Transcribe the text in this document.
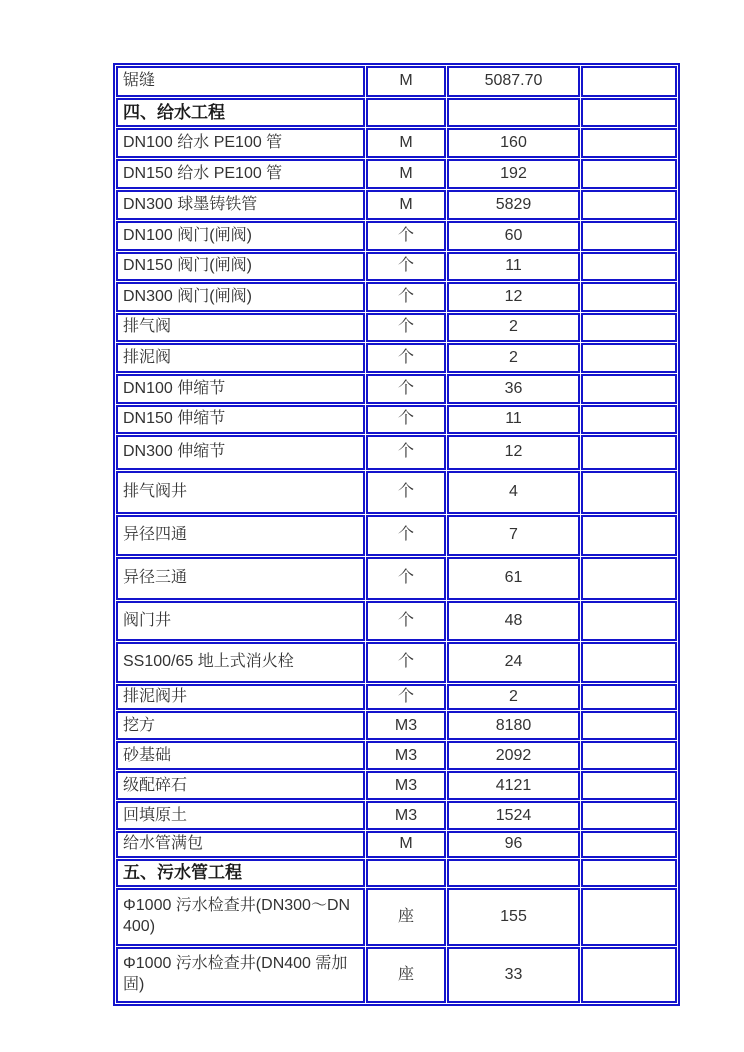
锯缝	M	5087.70	
四、给水工程			
DN100 给水 PE100 管	M	160	
DN150 给水 PE100 管	M	192	
DN300 球墨铸铁管	M	5829	
DN100 阀门(闸阀)	个	60	
DN150 阀门(闸阀)	个	11	
DN300 阀门(闸阀)	个	12	
排气阀	个	2	
排泥阀	个	2	
DN100 伸缩节	个	36	
DN150 伸缩节	个	11	
DN300 伸缩节	个	12	
排气阀井	个	4	
异径四通	个	7	
异径三通	个	61	
阀门井	个	48	
SS100/65 地上式消火栓	个	24	
排泥阀井	个	2	
挖方	M3	8180	
砂基础	M3	2092	
级配碎石	M3	4121	
回填原土	M3	1524	
给水管满包	M	96	
五、污水管工程			
Φ1000 污水检查井(DN300～DN400)	座	155	
Φ1000 污水检查井(DN400 需加固)	座	33	
